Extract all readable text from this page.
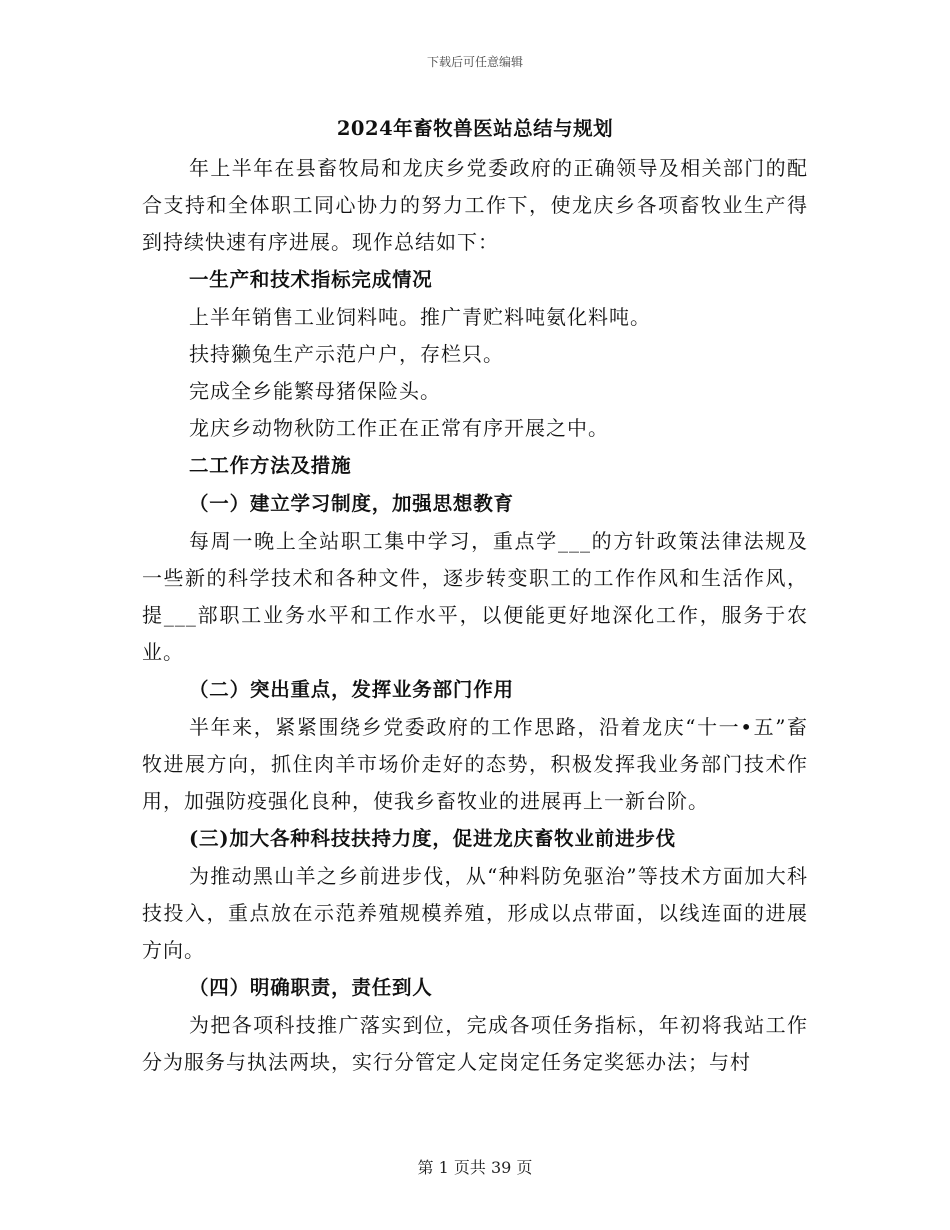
下载后可任意编辑
2024年畜牧兽医站总结与规划

年上半年在县畜牧局和龙庆乡党委政府的正确领导及相关部门的配合支持和全体职工同心协力的努力工作下，使龙庆乡各项畜牧业生产得到持续快速有序进展。现作总结如下：

一生产和技术指标完成情况

上半年销售工业饲料吨。推广青贮料吨氨化料吨。

扶持獭兔生产示范户户，存栏只。

完成全乡能繁母猪保险头。

龙庆乡动物秋防工作正在正常有序开展之中。

二工作方法及措施

（一）建立学习制度，加强思想教育

每周一晚上全站职工集中学习，重点学___的方针政策法律法规及一些新的科学技术和各种文件，逐步转变职工的工作作风和生活作风，提___部职工业务水平和工作水平，以便能更好地深化工作，服务于农业。

（二）突出重点，发挥业务部门作用

半年来，紧紧围绕乡党委政府的工作思路，沿着龙庆“十一•五”畜牧进展方向，抓住肉羊市场价走好的态势，积极发挥我业务部门技术作用，加强防疫强化良种，使我乡畜牧业的进展再上一新台阶。

(三)加大各种科技扶持力度，促进龙庆畜牧业前进步伐

为推动黑山羊之乡前进步伐，从“种料防免驱治”等技术方面加大科技投入，重点放在示范养殖规模养殖，形成以点带面，以线连面的进展方向。

（四）明确职责，责任到人

为把各项科技推广落实到位，完成各项任务指标，年初将我站工作分为服务与执法两块，实行分管定人定岗定任务定奖惩办法；与村

第 1 页共 39 页
